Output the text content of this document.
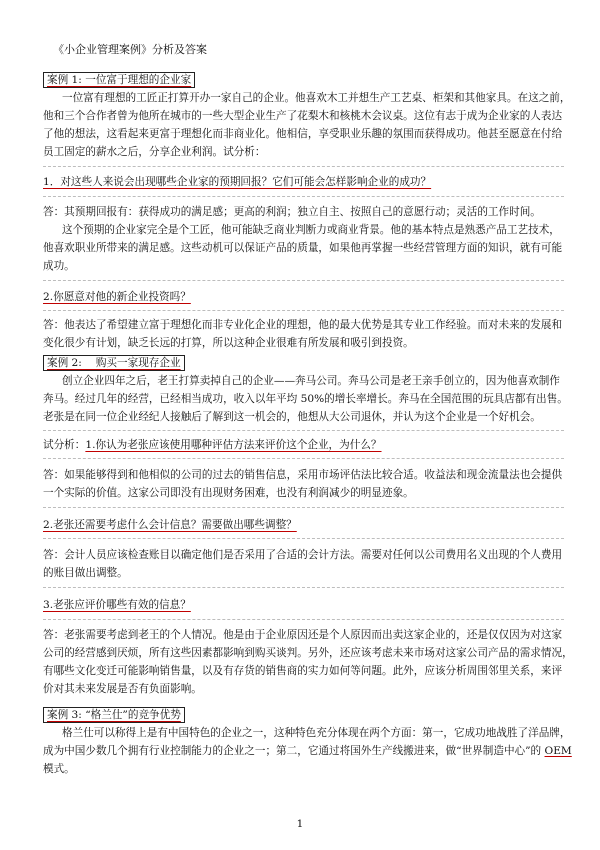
《小企业管理案例》分析及答案
案例 1: 一位富于理想的企业家
一位富有理想的工匠正打算开办一家自己的企业。他喜欢木工并想生产工艺桌、柜架和其他家具。在这之前，
他和三个合作者曾为他所在城市的一些大型企业生产了花梨木和核桃木会议桌。这位有志于成为企业家的人表达
了他的想法，这看起来更富于理想化而非商业化。他相信，享受职业乐趣的氛围而获得成功。他甚至愿意在付给
员工固定的薪水之后，分享企业利润。试分析：
1．对这些人来说会出现哪些企业家的预期回报？它们可能会怎样影响企业的成功？
答：其预期回报有：获得成功的满足感；更高的利润；独立自主、按照自己的意愿行动；灵活的工作时间。
这个预期的企业家完全是个工匠，他可能缺乏商业判断力或商业背景。他的基本特点是熟悉产品工艺技术，
他喜欢职业所带来的满足感。这些动机可以保证产品的质量，如果他再掌握一些经营管理方面的知识，就有可能
成功。
2.你愿意对他的新企业投资吗？
答：他表达了希望建立富于理想化而非专业化企业的理想，他的最大优势是其专业工作经验。而对未来的发展和
变化很少有计划，缺乏长远的打算，所以这种企业很难有所发展和吸引到投资。
案例 2: 　购买一家现存企业
创立企业四年之后，老王打算卖掉自己的企业——奔马公司。奔马公司是老王亲手创立的，因为他喜欢制作
奔马。经过几年的经营，已经相当成功，收入以年平均 50%的增长率增长。奔马在全国范围的玩具店都有出售。
老张是在同一位企业经纪人接触后了解到这一机会的，他想从大公司退休，并认为这个企业是一个好机会。
试分析：1.你认为老张应该使用哪种评估方法来评价这个企业，为什么？
答：如果能够得到和他相似的公司的过去的销售信息，采用市场评估法比较合适。收益法和现金流量法也会提供
一个实际的价值。这家公司即没有出现财务困难，也没有利润减少的明显迹象。
2.老张还需要考虑什么会计信息？需要做出哪些调整？
答：会计人员应该检查账目以确定他们是否采用了合适的会计方法。需要对任何以公司费用名义出现的个人费用
的账目做出调整。
3.老张应评价哪些有效的信息？
答：老张需要考虑到老王的个人情况。他是由于企业原因还是个人原因而出卖这家企业的，还是仅仅因为对这家
公司的经营感到厌烦，所有这些因素都影响到购买谈判。另外，还应该考虑未来市场对这家公司产品的需求情况，
有哪些文化变迁可能影响销售量，以及有存货的销售商的实力如何等问题。此外，应该分析周围邻里关系，来评
价对其未来发展是否有负面影响。
案例 3: “格兰仕”的竞争优势
格兰仕可以称得上是有中国特色的企业之一，这种特色充分体现在两个方面：第一，它成功地战胜了洋品牌，
成为中国少数几个拥有行业控制能力的企业之一；第二，它通过将国外生产线搬进来，做“世界制造中心”的 OEM
模式。
1
